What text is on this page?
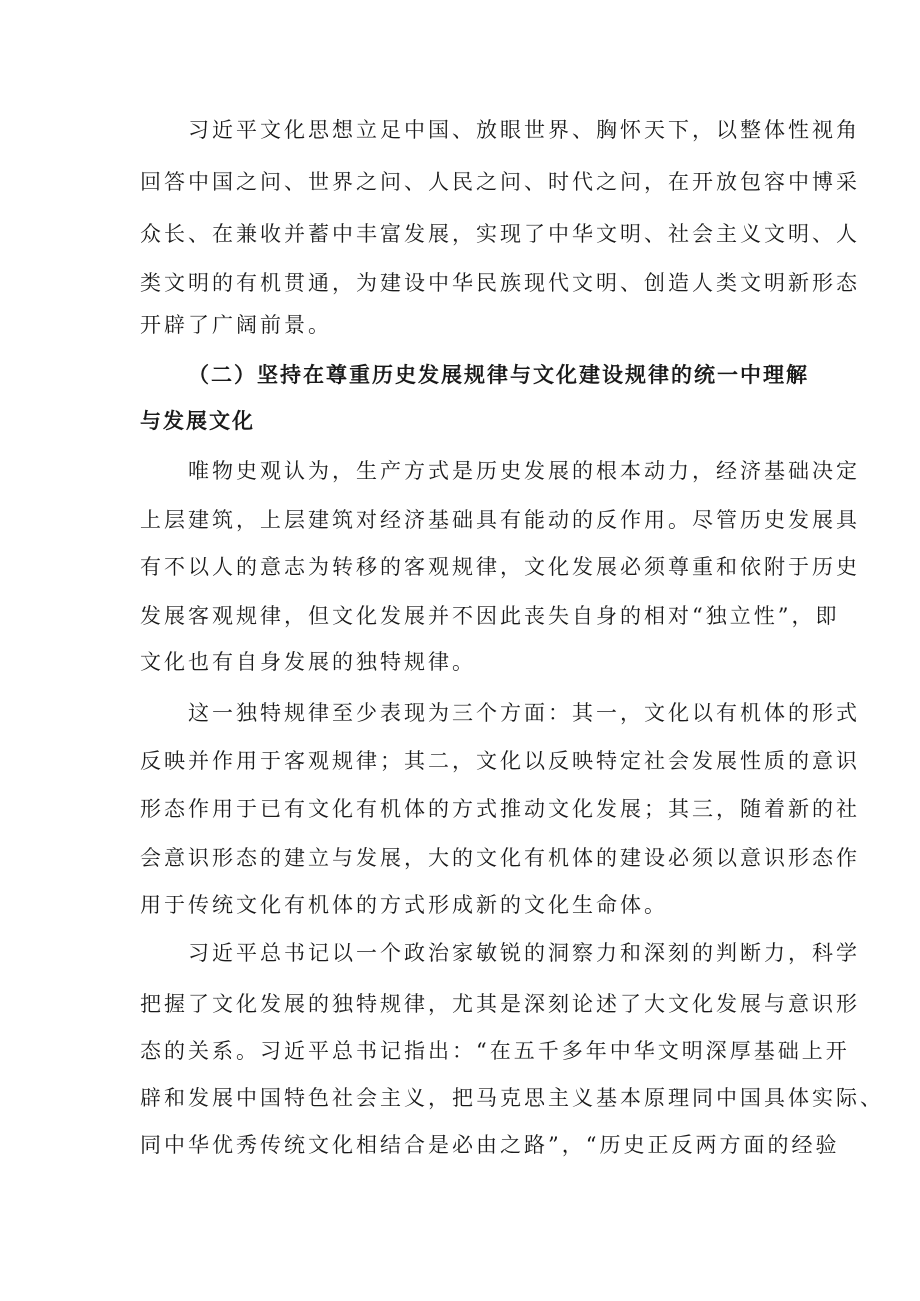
习近平文化思想立足中国、放眼世界、胸怀天下，以整体性视角
回答中国之问、世界之问、人民之问、时代之问，在开放包容中博采
众长、在兼收并蓄中丰富发展，实现了中华文明、社会主义文明、人
类文明的有机贯通，为建设中华民族现代文明、创造人类文明新形态
开辟了广阔前景。
（二）坚持在尊重历史发展规律与文化建设规律的统一中理解
与发展文化
唯物史观认为，生产方式是历史发展的根本动力，经济基础决定
上层建筑，上层建筑对经济基础具有能动的反作用。尽管历史发展具
有不以人的意志为转移的客观规律，文化发展必须尊重和依附于历史
发展客观规律，但文化发展并不因此丧失自身的相对“独立性”，即
文化也有自身发展的独特规律。
这一独特规律至少表现为三个方面：其一，文化以有机体的形式
反映并作用于客观规律；其二，文化以反映特定社会发展性质的意识
形态作用于已有文化有机体的方式推动文化发展；其三，随着新的社
会意识形态的建立与发展，大的文化有机体的建设必须以意识形态作
用于传统文化有机体的方式形成新的文化生命体。
习近平总书记以一个政治家敏锐的洞察力和深刻的判断力，科学
把握了文化发展的独特规律，尤其是深刻论述了大文化发展与意识形
态的关系。习近平总书记指出：“在五千多年中华文明深厚基础上开
辟和发展中国特色社会主义，把马克思主义基本原理同中国具体实际、
同中华优秀传统文化相结合是必由之路”，“历史正反两方面的经验
